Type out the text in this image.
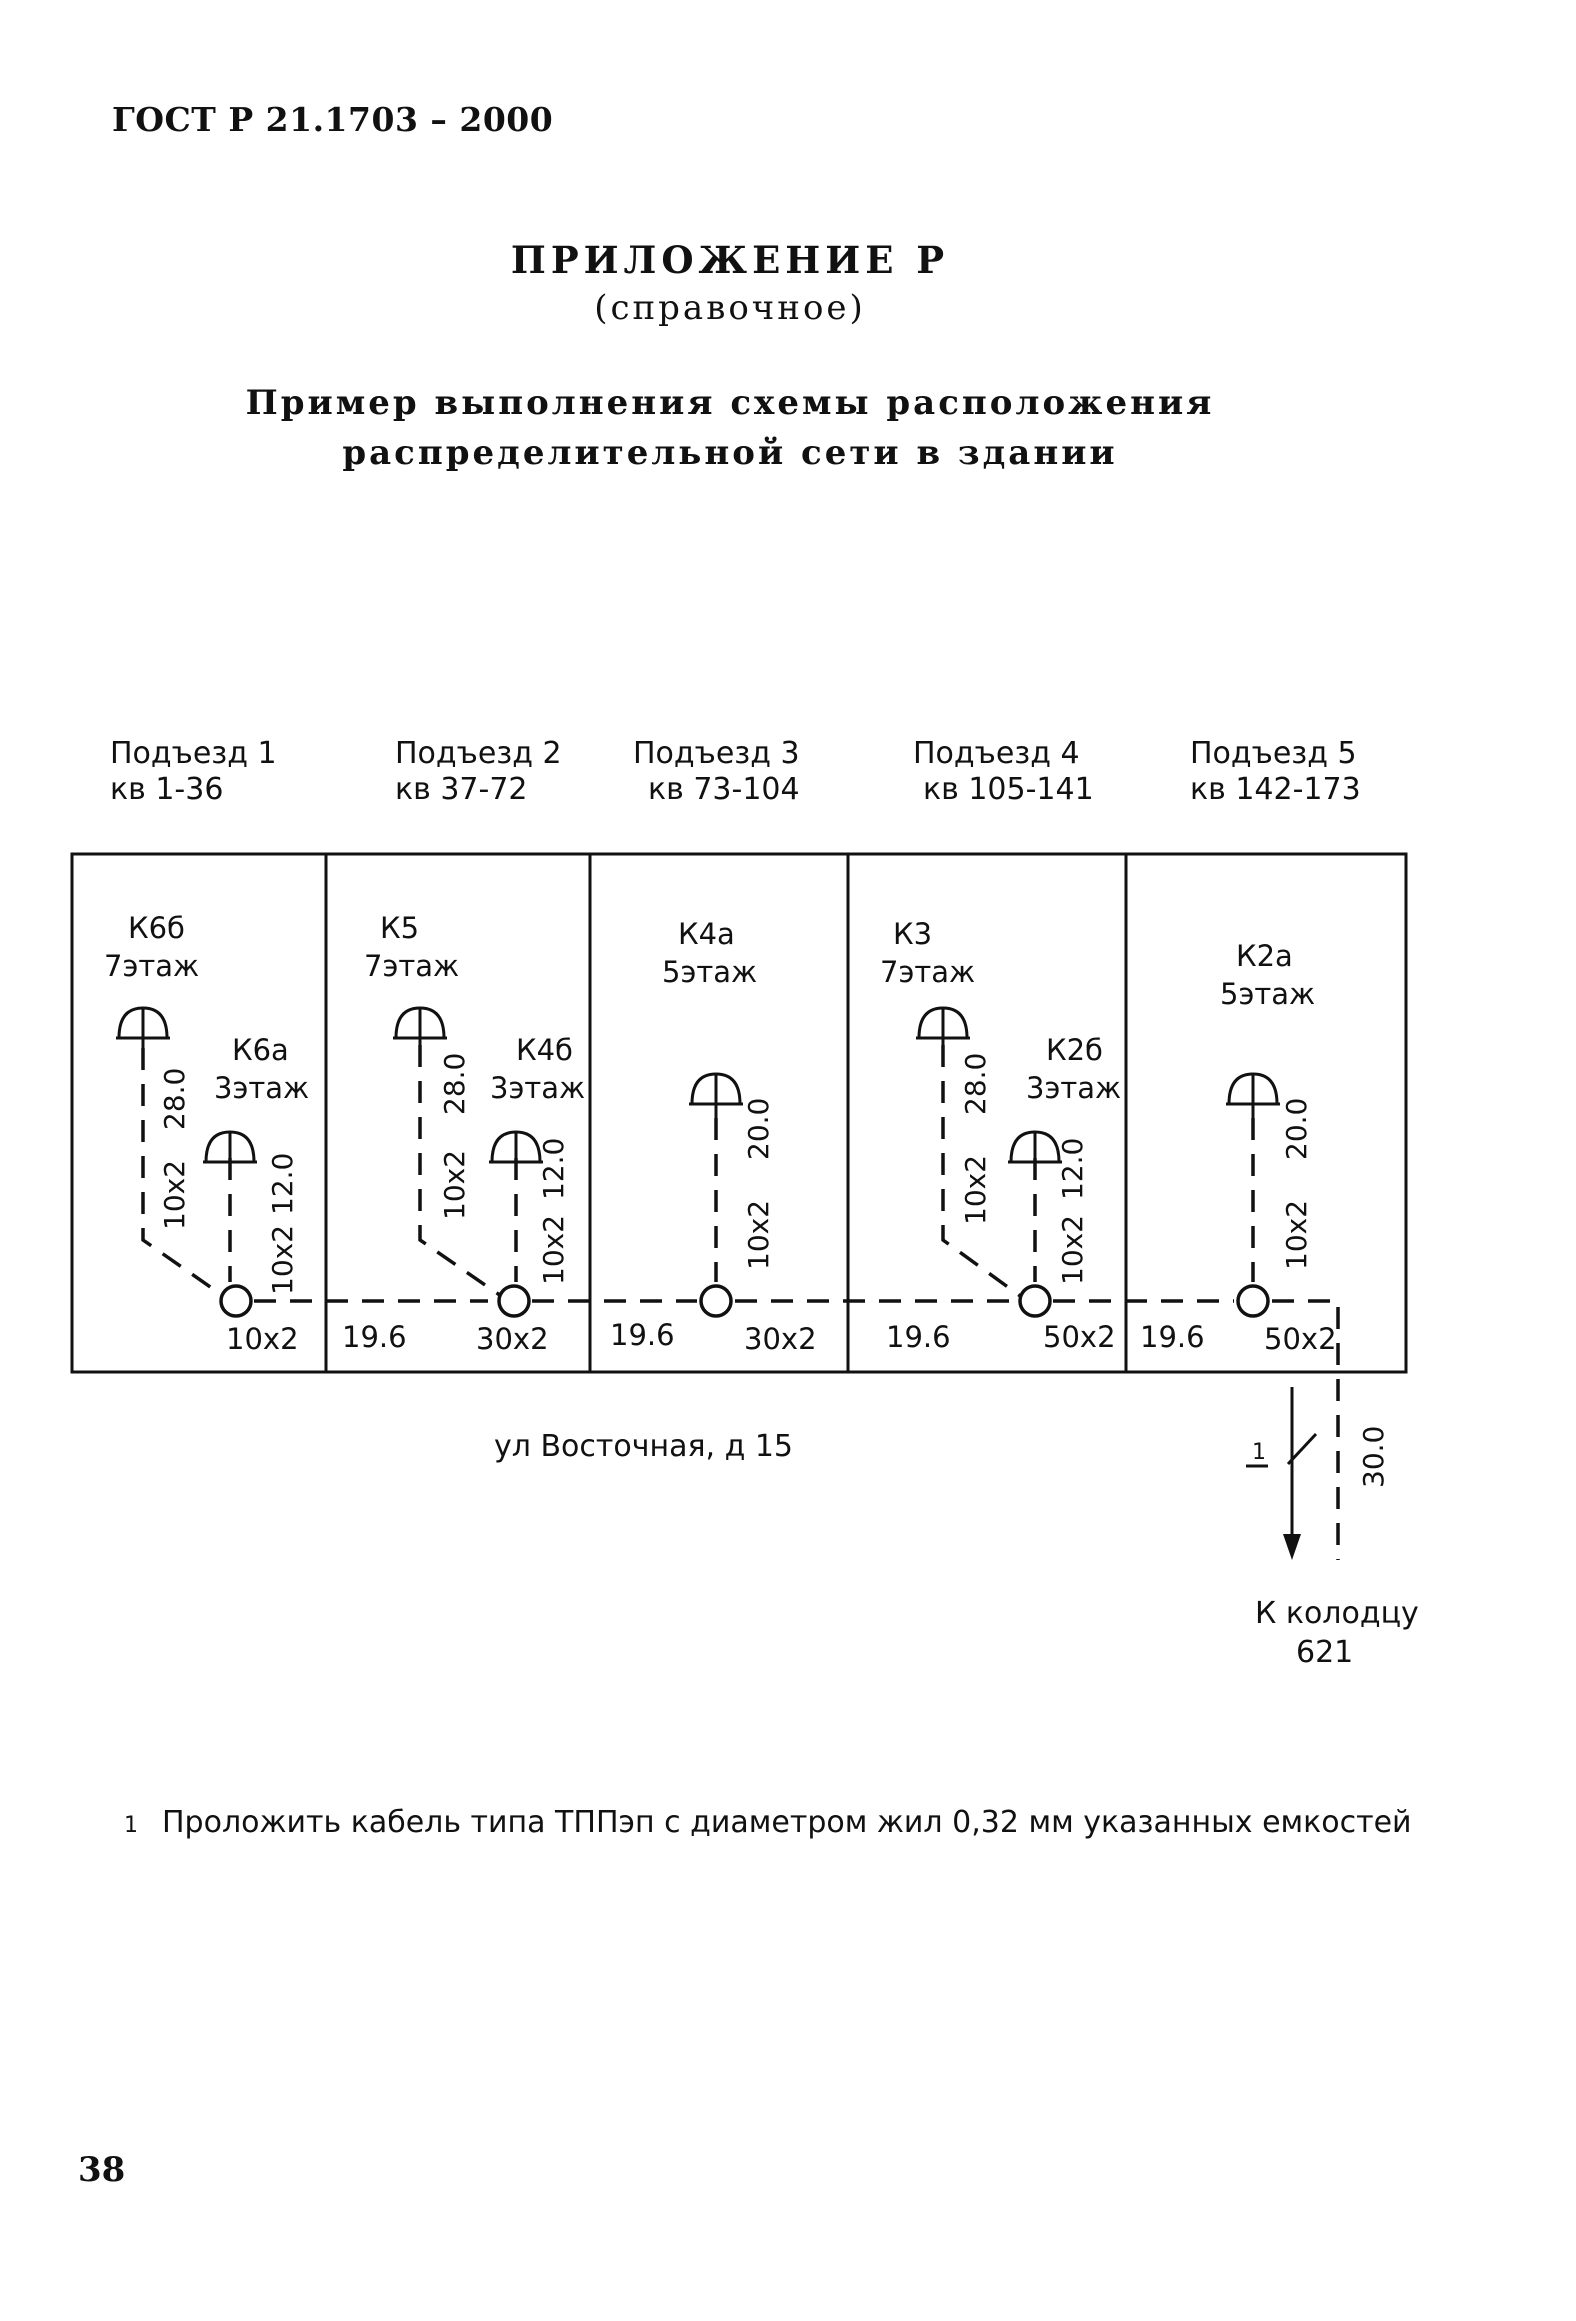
ГОСТ Р 21.1703 – 2000
ПРИЛОЖЕНИЕ Р
(справочное)
Пример выполнения схемы расположения
распределительной сети в здании
Подъезд 1
кв 1-36
Подъезд 2
кв 37-72
Подъезд 3
кв 73-104
Подъезд 4
кв 105-141
Подъезд 5
кв 142-173
К6б
7этаж
К6а
3этаж
К5
7этаж
К4б
3этаж
К4а
5этаж
К3
7этаж
К2б
3этаж
К2а
5этаж
28.0
10х2	12.0
10х2
28.0
10х2 12.0
10х2
20.0
10х2
28.0
10х2 12.0
10х2
20.0
10х2
10х2 19.6 30х2 19.6 30х2 19.6	50х2 19.6 50х2
ул Восточная, д 15	30.0
1
К колодцу
621
1 Проложить кабель типа ТППэп с диаметром жил 0,32 мм указанных емкостей
38
